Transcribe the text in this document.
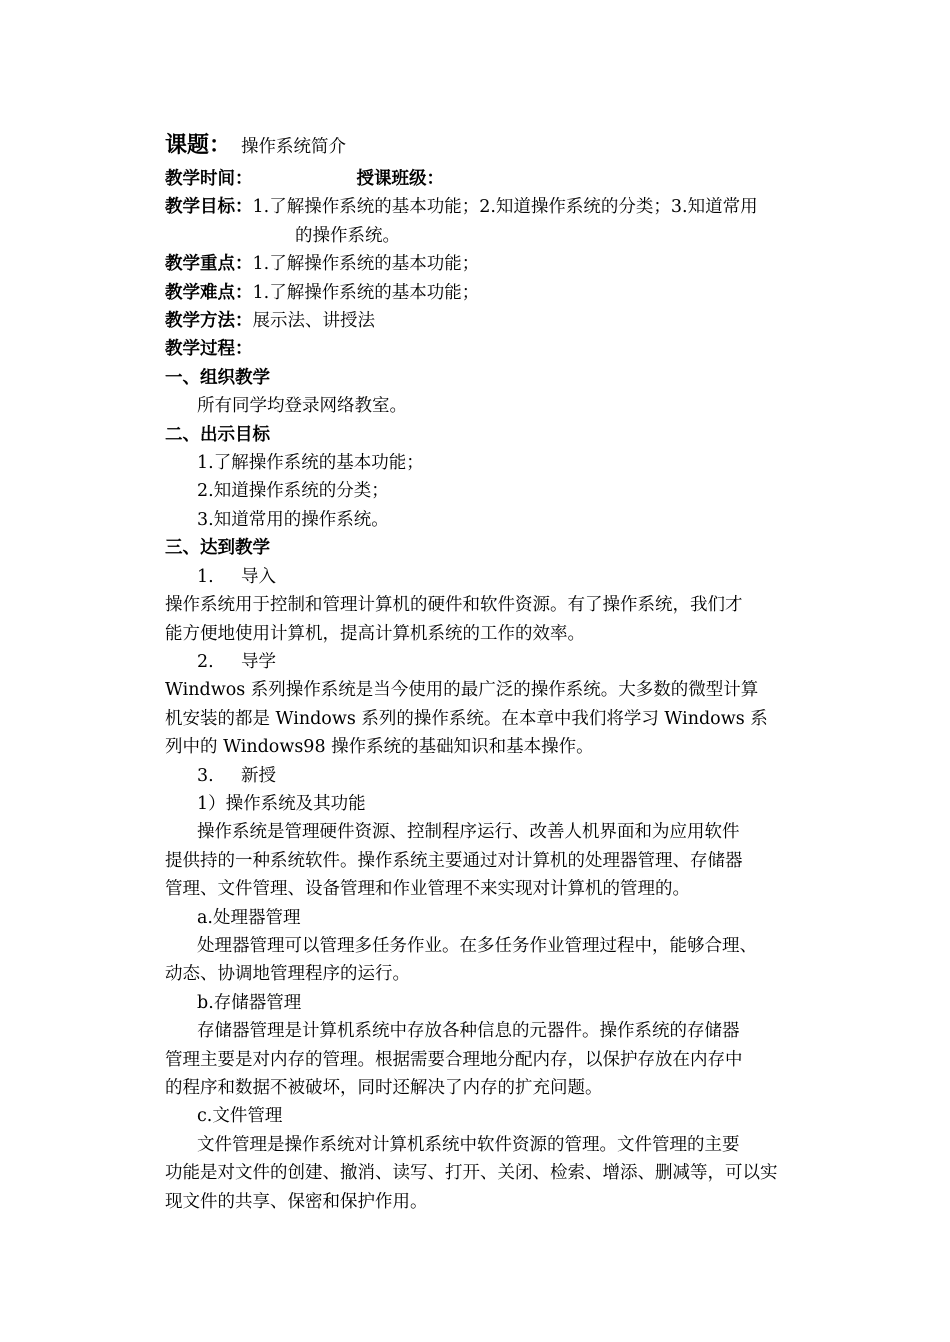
课题： 操作系统简介
教学时间：	授课班级：
教学目标：1.了解操作系统的基本功能；2.知道操作系统的分类；3.知道常用
的操作系统。
教学重点：1.了解操作系统的基本功能；
教学难点：1.了解操作系统的基本功能；
教学方法：展示法、讲授法
教学过程：
一、组织教学
所有同学均登录网络教室。
二、出示目标
1.了解操作系统的基本功能；
2.知道操作系统的分类；
3.知道常用的操作系统。
三、达到教学
1. 导入
操作系统用于控制和管理计算机的硬件和软件资源。有了操作系统，我们才
能方便地使用计算机，提高计算机系统的工作的效率。
2. 导学
Windwos 系列操作系统是当今使用的最广泛的操作系统。大多数的微型计算
机安装的都是 Windows 系列的操作系统。在本章中我们将学习 Windows 系
列中的 Windows98 操作系统的基础知识和基本操作。
3. 新授
1）操作系统及其功能
操作系统是管理硬件资源、控制程序运行、改善人机界面和为应用软件
提供持的一种系统软件。操作系统主要通过对计算机的处理器管理、存储器
管理、文件管理、设备管理和作业管理不来实现对计算机的管理的。
a.处理器管理
处理器管理可以管理多任务作业。在多任务作业管理过程中，能够合理、
动态、协调地管理程序的运行。
b.存储器管理
存储器管理是计算机系统中存放各种信息的元器件。操作系统的存储器
管理主要是对内存的管理。根据需要合理地分配内存，以保护存放在内存中
的程序和数据不被破坏，同时还解决了内存的扩充问题。
c.文件管理
文件管理是操作系统对计算机系统中软件资源的管理。文件管理的主要
功能是对文件的创建、撤消、读写、打开、关闭、检索、增添、删减等，可以实
现文件的共享、保密和保护作用。
